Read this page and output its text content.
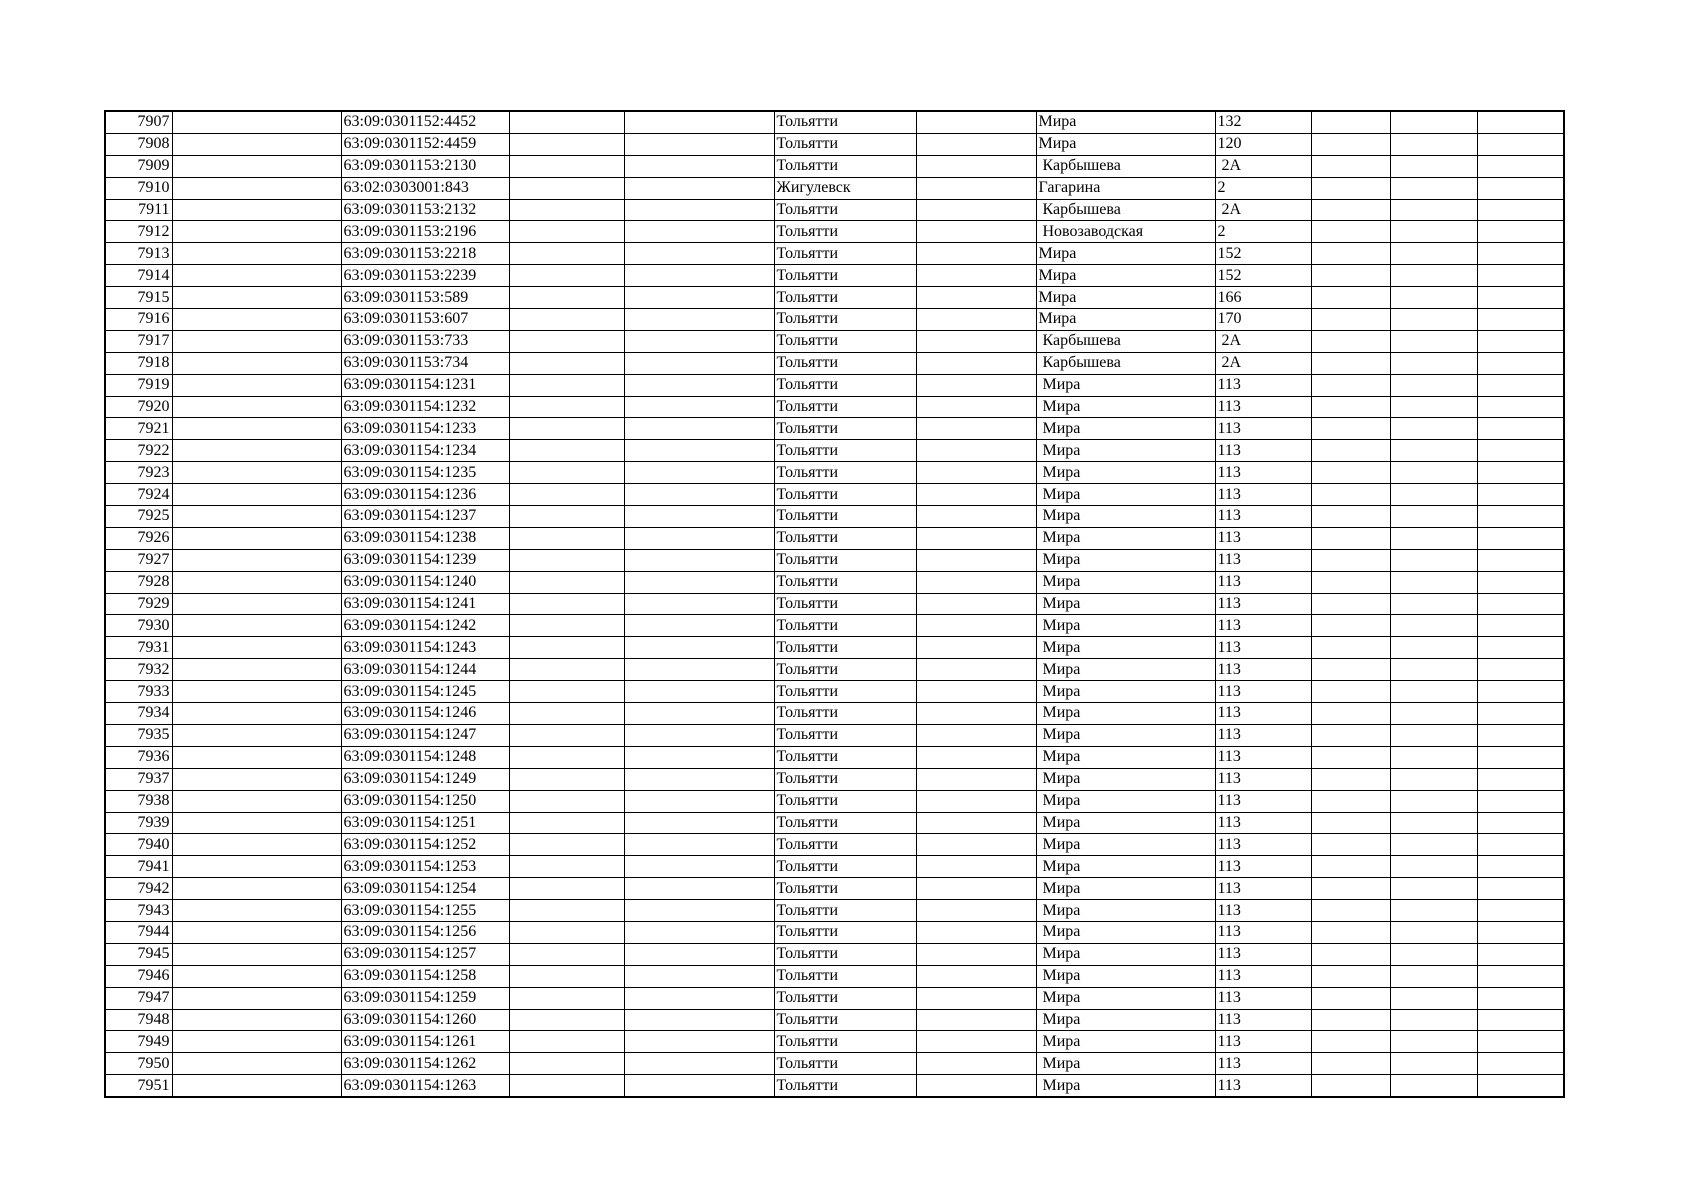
7907		63:09:0301152:4452			Тольятти		Мира	132			
7908		63:09:0301152:4459			Тольятти		Мира	120			
7909		63:09:0301153:2130			Тольятти		Карбышева	2А			
7910		63:02:0303001:843			Жигулевск		Гагарина	2			
7911		63:09:0301153:2132			Тольятти		Карбышева	2А			
7912		63:09:0301153:2196			Тольятти		Новозаводская	2			
7913		63:09:0301153:2218			Тольятти		Мира	152			
7914		63:09:0301153:2239			Тольятти		Мира	152			
7915		63:09:0301153:589			Тольятти		Мира	166			
7916		63:09:0301153:607			Тольятти		Мира	170			
7917		63:09:0301153:733			Тольятти		Карбышева	2А			
7918		63:09:0301153:734			Тольятти		Карбышева	2А			
7919		63:09:0301154:1231			Тольятти		Мира	113			
7920		63:09:0301154:1232			Тольятти		Мира	113			
7921		63:09:0301154:1233			Тольятти		Мира	113			
7922		63:09:0301154:1234			Тольятти		Мира	113			
7923		63:09:0301154:1235			Тольятти		Мира	113			
7924		63:09:0301154:1236			Тольятти		Мира	113			
7925		63:09:0301154:1237			Тольятти		Мира	113			
7926		63:09:0301154:1238			Тольятти		Мира	113			
7927		63:09:0301154:1239			Тольятти		Мира	113			
7928		63:09:0301154:1240			Тольятти		Мира	113			
7929		63:09:0301154:1241			Тольятти		Мира	113			
7930		63:09:0301154:1242			Тольятти		Мира	113			
7931		63:09:0301154:1243			Тольятти		Мира	113			
7932		63:09:0301154:1244			Тольятти		Мира	113			
7933		63:09:0301154:1245			Тольятти		Мира	113			
7934		63:09:0301154:1246			Тольятти		Мира	113			
7935		63:09:0301154:1247			Тольятти		Мира	113			
7936		63:09:0301154:1248			Тольятти		Мира	113			
7937		63:09:0301154:1249			Тольятти		Мира	113			
7938		63:09:0301154:1250			Тольятти		Мира	113			
7939		63:09:0301154:1251			Тольятти		Мира	113			
7940		63:09:0301154:1252			Тольятти		Мира	113			
7941		63:09:0301154:1253			Тольятти		Мира	113			
7942		63:09:0301154:1254			Тольятти		Мира	113			
7943		63:09:0301154:1255			Тольятти		Мира	113			
7944		63:09:0301154:1256			Тольятти		Мира	113			
7945		63:09:0301154:1257			Тольятти		Мира	113			
7946		63:09:0301154:1258			Тольятти		Мира	113			
7947		63:09:0301154:1259			Тольятти		Мира	113			
7948		63:09:0301154:1260			Тольятти		Мира	113			
7949		63:09:0301154:1261			Тольятти		Мира	113			
7950		63:09:0301154:1262			Тольятти		Мира	113			
7951		63:09:0301154:1263			Тольятти		Мира	113			
